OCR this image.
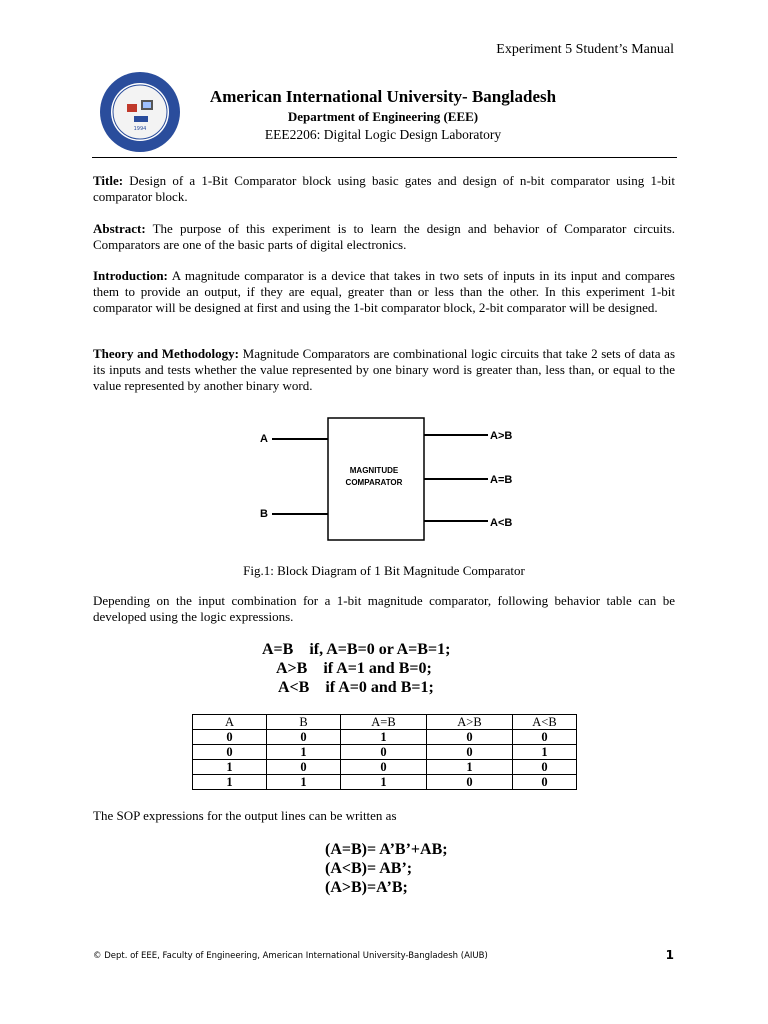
Experiment 5 Student’s Manual
1994
American International University- Bangladesh
Department of Engineering (EEE)
EEE2206: Digital Logic Design Laboratory
Title: Design of a 1-Bit Comparator block using basic gates and design of n-bit comparator using 1-bit comparator block.
Abstract: The purpose of this experiment is to learn the design and behavior of Comparator circuits. Comparators are one of the basic parts of digital electronics.
Introduction: A magnitude comparator is a device that takes in two sets of inputs in its input and compares them to provide an output, if they are equal, greater than or less than the other. In this experiment 1-bit comparator will be designed at first and using the 1-bit comparator block, 2-bit comparator will be designed.
Theory and Methodology: Magnitude Comparators are combinational logic circuits that take 2 sets of data as its inputs and tests whether the value represented by one binary word is greater than, less than, or equal to the value represented by another binary word.
A
B
MAGNITUDE
COMPARATOR
A>B
A=B
A<B
Fig.1: Block Diagram of 1 Bit Magnitude Comparator
Depending on the input combination for a 1-bit magnitude comparator, following behavior table can be developed using the logic expressions.
A=B    if, A=B=0 or A=B=1;
A>B    if A=1 and B=0;
A<B    if A=0 and B=1;
A	B	A=B	A>B	A<B
0	0	1	0	0
0	1	0	0	1
1	0	0	1	0
1	1	1	0	0
The SOP expressions for the output lines can be written as
(A=B)= A’B’+AB;
(A<B)= AB’;
(A>B)=A’B;
© Dept. of EEE, Faculty of Engineering, American International University-Bangladesh (AIUB)	1
